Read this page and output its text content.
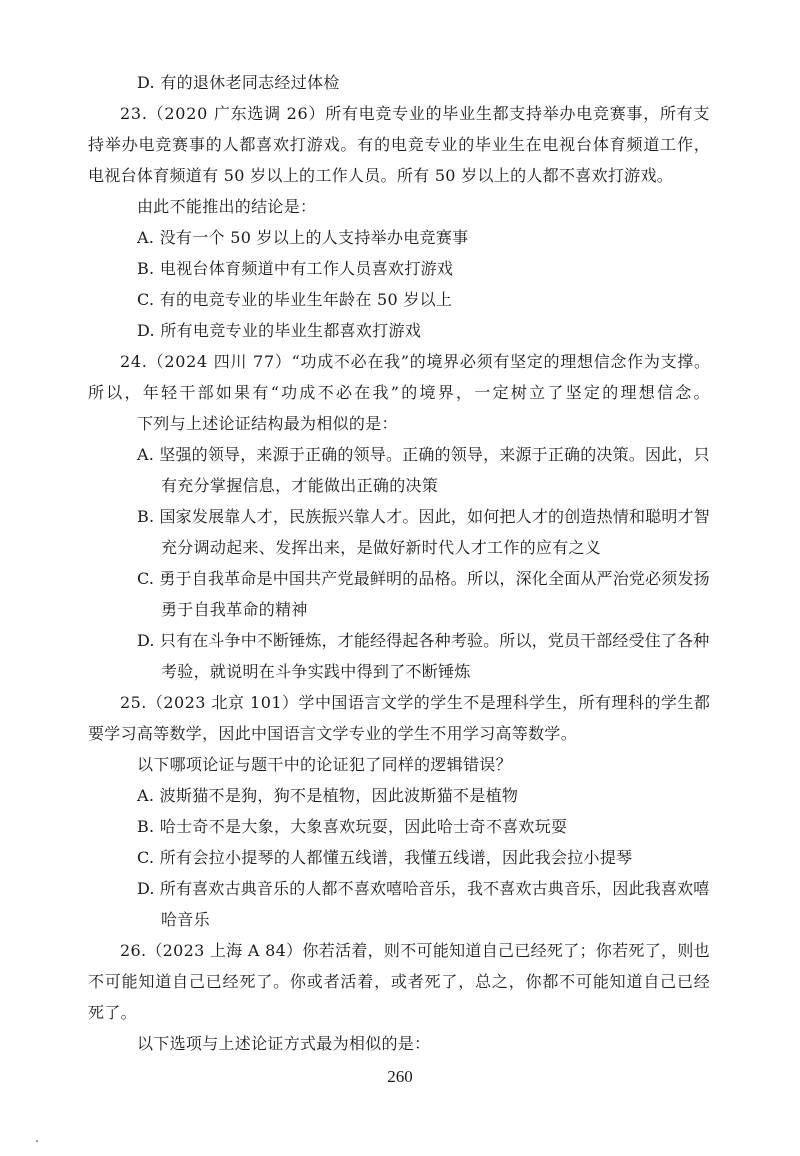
D. 有的退休老同志经过体检
23.（2020 广东选调 26）所有电竞专业的毕业生都支持举办电竞赛事，所有支
持举办电竞赛事的人都喜欢打游戏。有的电竞专业的毕业生在电视台体育频道工作，
电视台体育频道有 50 岁以上的工作人员。所有 50 岁以上的人都不喜欢打游戏。
由此不能推出的结论是：
A. 没有一个 50 岁以上的人支持举办电竞赛事
B. 电视台体育频道中有工作人员喜欢打游戏
C. 有的电竞专业的毕业生年龄在 50 岁以上
D. 所有电竞专业的毕业生都喜欢打游戏
24.（2024 四川 77）“功成不必在我”的境界必须有坚定的理想信念作为支撑。
所以，年轻干部如果有“功成不必在我”的境界，一定树立了坚定的理想信念。
下列与上述论证结构最为相似的是：
A. 坚强的领导，来源于正确的领导。正确的领导，来源于正确的决策。因此，只
有充分掌握信息，才能做出正确的决策
B. 国家发展靠人才，民族振兴靠人才。因此，如何把人才的创造热情和聪明才智
充分调动起来、发挥出来，是做好新时代人才工作的应有之义
C. 勇于自我革命是中国共产党最鲜明的品格。所以，深化全面从严治党必须发扬
勇于自我革命的精神
D. 只有在斗争中不断锤炼，才能经得起各种考验。所以，党员干部经受住了各种
考验，就说明在斗争实践中得到了不断锤炼
25.（2023 北京 101）学中国语言文学的学生不是理科学生，所有理科的学生都
要学习高等数学，因此中国语言文学专业的学生不用学习高等数学。
以下哪项论证与题干中的论证犯了同样的逻辑错误？
A. 波斯猫不是狗，狗不是植物，因此波斯猫不是植物
B. 哈士奇不是大象，大象喜欢玩耍，因此哈士奇不喜欢玩耍
C. 所有会拉小提琴的人都懂五线谱，我懂五线谱，因此我会拉小提琴
D. 所有喜欢古典音乐的人都不喜欢嘻哈音乐，我不喜欢古典音乐，因此我喜欢嘻
哈音乐
26.（2023 上海 A 84）你若活着，则不可能知道自己已经死了；你若死了，则也
不可能知道自己已经死了。你或者活着，或者死了，总之，你都不可能知道自己已经
死了。
以下选项与上述论证方式最为相似的是：
260
